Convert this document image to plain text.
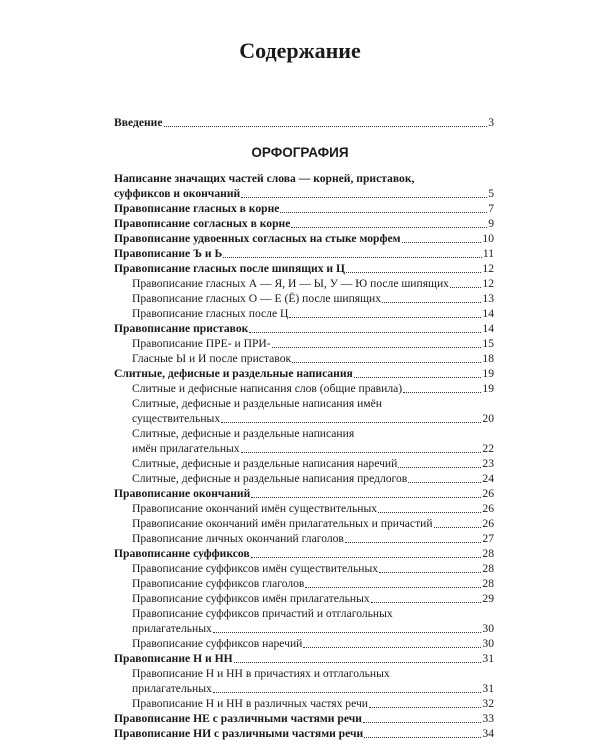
Содержание
Введение	3
ОРФОГРАФИЯ
Написание значащих частей слова — корней, приставок,
суффиксов и окончаний	5
Правописание гласных в корне	7
Правописание согласных в корне	9
Правописание удвоенных согласных на стыке морфем	10
Правописание Ъ и Ь	11
Правописание гласных после шипящих и Ц	12
Правописание гласных А — Я, И — Ы, У — Ю после шипящих	12
Правописание гласных О — Е (Ё) после шипящих	13
Правописание гласных после Ц	14
Правописание приставок	14
Правописание ПРЕ- и ПРИ-	15
Гласные Ы и И после приставок	18
Слитные, дефисные и раздельные написания	19
Слитные и дефисные написания слов (общие правила)	19
Слитные, дефисные и раздельные написания имён
существительных	20
Слитные, дефисные и раздельные написания
имён прилагательных	22
Слитные, дефисные и раздельные написания наречий	23
Слитные, дефисные и раздельные написания предлогов	24
Правописание окончаний	26
Правописание окончаний имён существительных	26
Правописание окончаний имён прилагательных и причастий	26
Правописание личных окончаний глаголов	27
Правописание суффиксов	28
Правописание суффиксов имён существительных	28
Правописание суффиксов глаголов	28
Правописание суффиксов имён прилагательных	29
Правописание суффиксов причастий и отглагольных
прилагательных	30
Правописание суффиксов наречий	30
Правописание Н и НН	31
Правописание Н и НН в причастиях и отглагольных
прилагательных	31
Правописание Н и НН в различных частях речи	32
Правописание НЕ с различными частями речи	33
Правописание НИ с различными частями речи	34
